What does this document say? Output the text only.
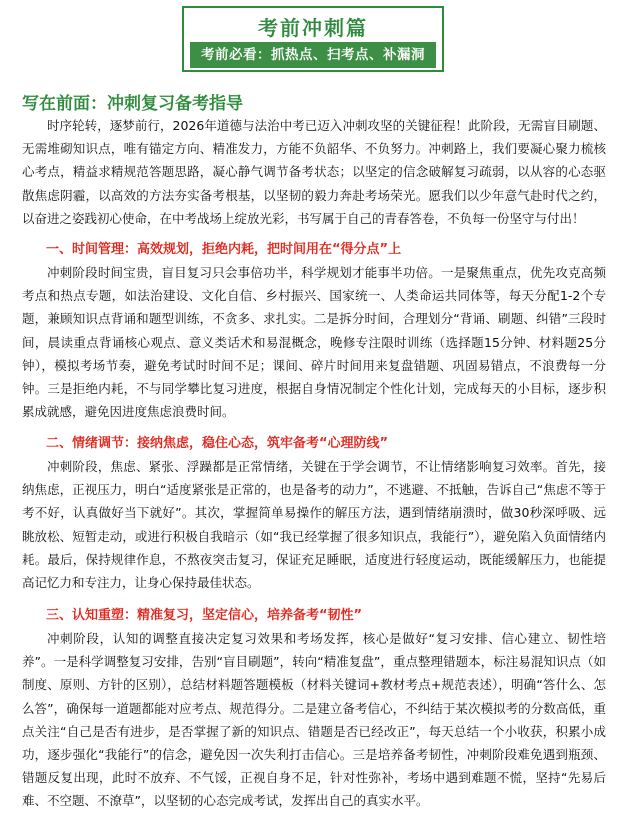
考前冲刺篇
考前必看：抓热点、扫考点、补漏洞
写在前面：冲刺复习备考指导

时序轮转，逐梦前行，2026年道德与法治中考已迈入冲刺攻坚的关键征程！此阶段，无需盲目刷题、无需堆砌知识点，唯有锚定方向、精准发力，方能不负韶华、不负努力。冲刺路上，我们要凝心聚力梳核心考点，精益求精规范答题思路，凝心静气调节备考状态；以坚定的信念破解复习疏弱，以从容的心态驱散焦虑阴霾，以高效的方法夯实备考根基，以坚韧的毅力奔赴考场荣光。愿我们以少年意气赴时代之约，以奋进之姿践初心使命，在中考战场上绽放光彩，书写属于自己的青春答卷，不负每一份坚守与付出！

一、时间管理：高效规划，拒绝内耗，把时间用在“得分点”上

冲刺阶段时间宝贵，盲目复习只会事倍功半，科学规划才能事半功倍。一是聚焦重点，优先攻克高频考点和热点专题，如法治建设、文化自信、乡村振兴、国家统一、人类命运共同体等，每天分配1-2个专题，兼顾知识点背诵和题型训练，不贪多、求扎实。二是拆分时间，合理划分“背诵、刷题、纠错”三段时间，晨读重点背诵核心观点、意义类话术和易混概念，晚修专注限时训练（选择题15分钟、材料题25分钟），模拟考场节奏，避免考试时时间不足；课间、碎片时间用来复盘错题、巩固易错点，不浪费每一分钟。三是拒绝内耗，不与同学攀比复习进度，根据自身情况制定个性化计划，完成每天的小目标，逐步积累成就感，避免因进度焦虑浪费时间。

二、情绪调节：接纳焦虑，稳住心态，筑牢备考“心理防线”

冲刺阶段，焦虑、紧张、浮躁都是正常情绪，关键在于学会调节，不让情绪影响复习效率。首先，接纳焦虑，正视压力，明白“适度紧张是正常的，也是备考的动力”，不逃避、不抵触，告诉自己“焦虑不等于考不好，认真做好当下就好”。其次，掌握简单易操作的解压方法，遇到情绪崩溃时，做30秒深呼吸、远眺放松、短暂走动，或进行积极自我暗示（如“我已经掌握了很多知识点，我能行”），避免陷入负面情绪内耗。最后，保持规律作息，不熬夜突击复习，保证充足睡眠，适度进行轻度运动，既能缓解压力，也能提高记忆力和专注力，让身心保持最佳状态。

三、认知重塑：精准复习，坚定信心，培养备考“韧性”

冲刺阶段，认知的调整直接决定复习效果和考场发挥，核心是做好“复习安排、信心建立、韧性培养”。一是科学调整复习安排，告别“盲目刷题”，转向“精准复盘”，重点整理错题本，标注易混知识点（如制度、原则、方针的区别），总结材料题答题模板（材料关键词+教材考点+规范表述），明确“答什么、怎么答”，确保每一道题都能对应考点、规范得分。二是建立备考信心，不纠结于某次模拟考的分数高低，重点关注“自己是否有进步，是否掌握了新的知识点、错题是否已经改正”，每天总结一个小收获，积累小成功，逐步强化“我能行”的信念，避免因一次失利打击信心。三是培养备考韧性，冲刺阶段难免遇到瓶颈、错题反复出现，此时不放弃、不气馁，正视自身不足，针对性弥补，考场中遇到难题不慌，坚持“先易后难、不空题、不潦草”，以坚韧的心态完成考试，发挥出自己的真实水平。
